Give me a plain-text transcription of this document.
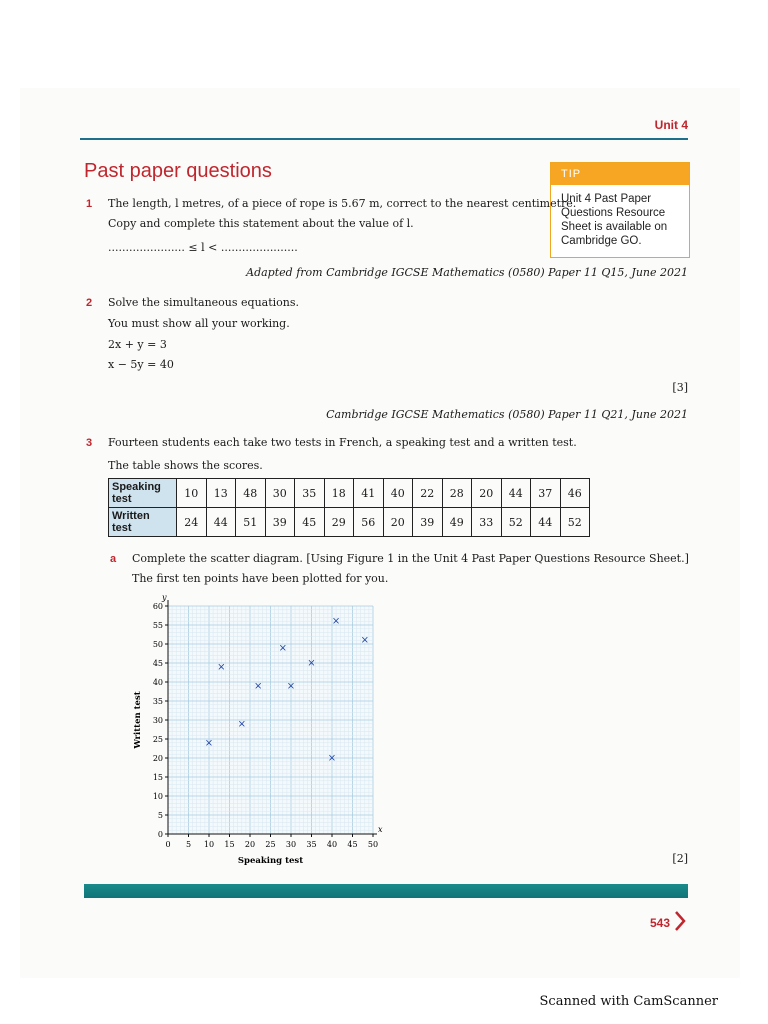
Unit 4
Past paper questions	TIP
Unit 4 Past Paper
Questions Resource
Sheet is available on
Cambridge GO.
1 The length, l metres, of a piece of rope is 5.67 m, correct to the nearest centimetre.
Copy and complete this statement about the value of l.
...................... ≤ l < ......................
Adapted from Cambridge IGCSE Mathematics (0580) Paper 11 Q15, June 2021
2 Solve the simultaneous equations.
You must show all your working.
2x + y = 3
x − 5y = 40
[3]
Cambridge IGCSE Mathematics (0580) Paper 11 Q21, June 2021
3 Fourteen students each take two tests in French, a speaking test and a written test.
The table shows the scores.
Speaking
test	10	13	48	30	35	18	41	40	22	28	20	44	37	46
Written
test	24	44	51	39	45	29	56	20	39	49	33	52	44	52
a Complete the scatter diagram. [Using Figure 1 in the Unit 4 Past Paper Questions Resource Sheet.]
The first ten points have been plotted for you.
x
y
0 5 10 15 20 25 30 35 40 45 50
0
5
10
15
20
25
30
35
40
45
50
55
60
Speaking test
Written test	×
×
×
×
×
×
×
×
×
×
[2]
543
Scanned with CamScanner
